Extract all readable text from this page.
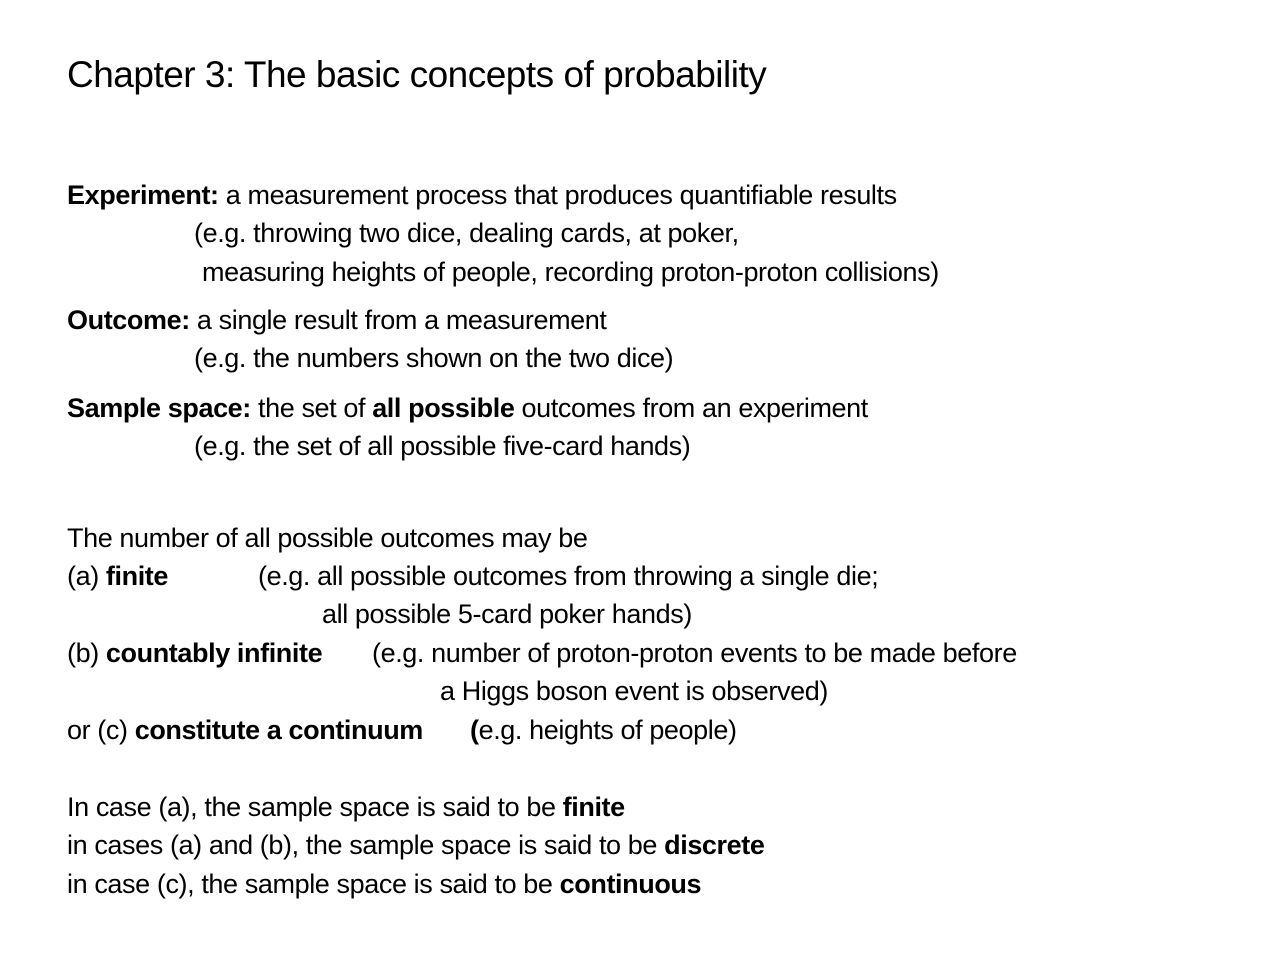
Chapter 3: The basic concepts of probability
Experiment: a measurement process that produces quantifiable results
(e.g. throwing two dice, dealing cards, at poker,
measuring heights of people, recording proton-proton collisions)
Outcome: a single result from a measurement
(e.g. the numbers shown on the two dice)
Sample space: the set of all possible outcomes from an experiment
(e.g. the set of all possible five-card hands)
The number of all possible outcomes may be
(a) finite	(e.g. all possible outcomes from throwing a single die;
all possible 5-card poker hands)
(b) countably infinite (e.g. number of proton-proton events to be made before
a Higgs boson event is observed)
or (c) constitute a continuum (e.g. heights of people)
In case (a), the sample space is said to be finite
in cases (a) and (b), the sample space is said to be discrete
in case (c), the sample space is said to be continuous
